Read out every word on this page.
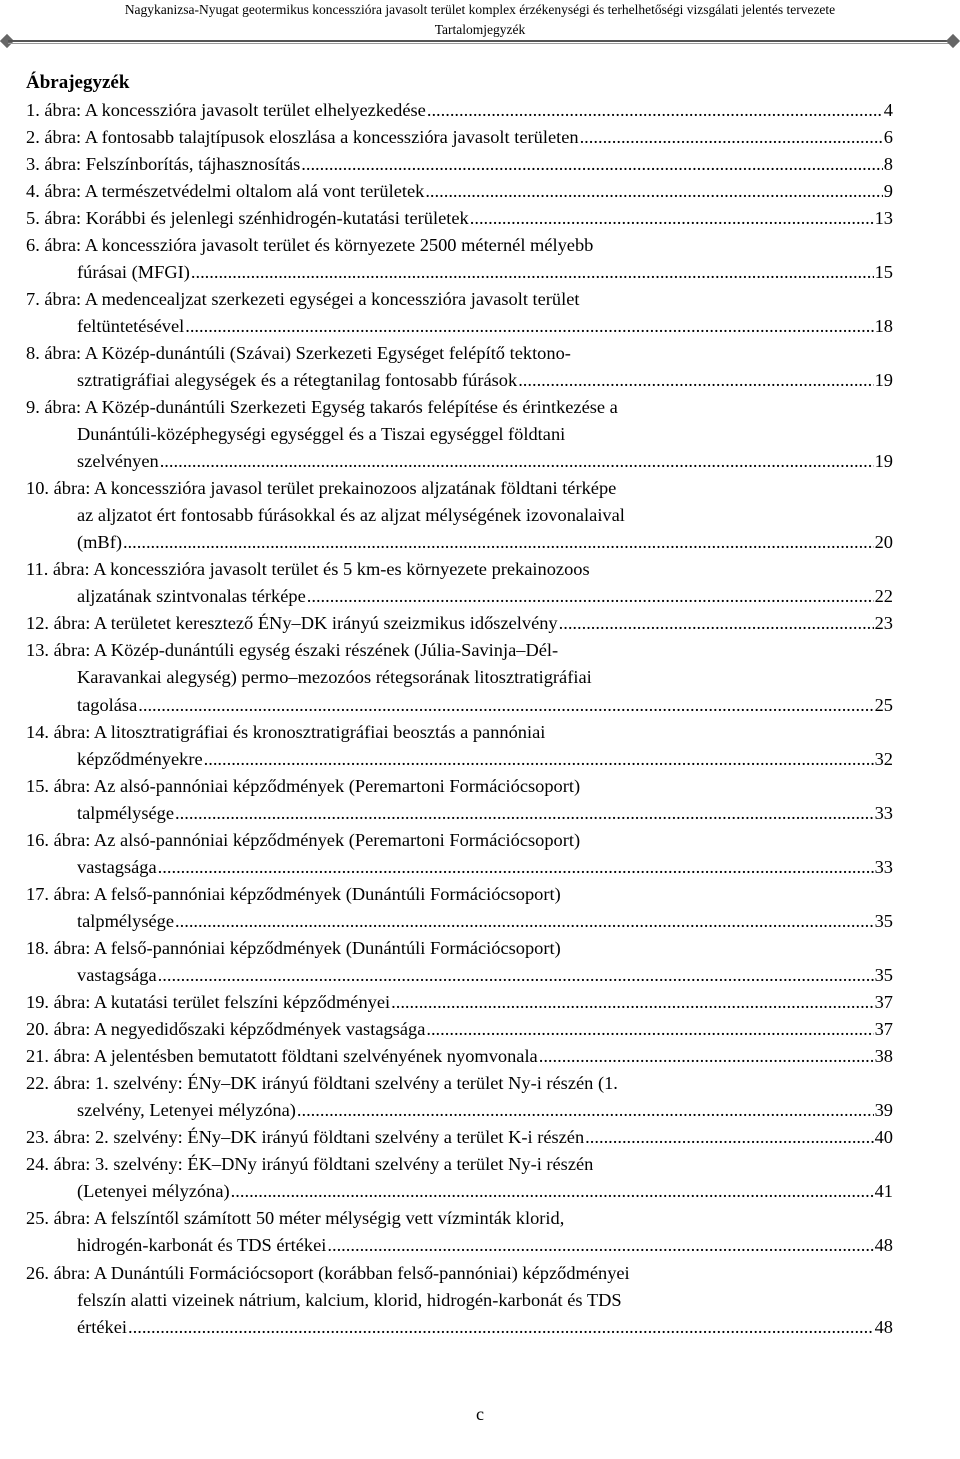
Nagykanizsa-Nyugat geotermikus koncesszióra javasolt terület komplex érzékenységi és terhelhetőségi vizsgálati jelentés tervezete
Tartalomjegyzék
Ábrajegyzék
1. ábra: A koncesszióra javasolt terület elhelyezkedése .....	4
2. ábra: A fontosabb talajtípusok eloszlása a koncesszióra javasolt területen .....	6
3. ábra: Felszínborítás, tájhasznosítás .....	8
4. ábra: A természetvédelmi oltalom alá vont területek .....	9
5. ábra: Korábbi és jelenlegi szénhidrogén-kutatási területek .....	13
6. ábra: A koncesszióra javasolt terület és környezete 2500 méternél mélyebb
fúrásai (MFGI) .....	15
7. ábra: A medencealjzat szerkezeti egységei a koncesszióra javasolt terület
feltüntetésével .....	18
8. ábra: A Közép-dunántúli (Szávai) Szerkezeti Egységet felépítő tektono-
sztratigráfiai alegységek és a rétegtanilag fontosabb fúrások .....	19
9. ábra: A Közép-dunántúli Szerkezeti Egység takarós felépítése és érintkezése a
Dunántúli-középhegységi egységgel és a Tiszai egységgel földtani
szelvényen .....	19
10. ábra: A koncesszióra javasol terület prekainozoos aljzatának földtani térképe
az aljzatot ért fontosabb fúrásokkal és az aljzat mélységének izovonalaival
(mBf) .....	20
11. ábra: A koncesszióra javasolt terület és 5 km-es környezete prekainozoos
aljzatának szintvonalas térképe .....	22
12. ábra: A területet keresztező ÉNy–DK irányú szeizmikus időszelvény .....	23
13. ábra: A Közép-dunántúli egység északi részének (Júlia-Savinja–Dél-
Karavankai alegység) permo–mezozóos rétegsorának litosztratigráfiai
tagolása .....	25
14. ábra: A litosztratigráfiai és kronosztratigráfiai beosztás a pannóniai
képződményekre .....	32
15. ábra: Az alsó-pannóniai képződmények (Peremartoni Formációcsoport)
talpmélysége .....	33
16. ábra: Az alsó-pannóniai képződmények (Peremartoni Formációcsoport)
vastagsága .....	33
17. ábra: A felső-pannóniai képződmények (Dunántúli Formációcsoport)
talpmélysége .....	35
18. ábra: A felső-pannóniai képződmények (Dunántúli Formációcsoport)
vastagsága .....	35
19. ábra: A kutatási terület felszíni képződményei .....	37
20. ábra: A negyedidőszaki képződmények vastagsága .....	37
21. ábra: A jelentésben bemutatott földtani szelvényének nyomvonala .....	38
22. ábra: 1. szelvény: ÉNy–DK irányú földtani szelvény a terület Ny-i részén (1.
szelvény, Letenyei mélyzóna) .....	39
23. ábra: 2. szelvény: ÉNy–DK irányú földtani szelvény a terület K-i részén .....	40
24. ábra: 3. szelvény: ÉK–DNy irányú földtani szelvény a terület Ny-i részén
(Letenyei mélyzóna) .....	41
25. ábra: A felszíntől számított 50 méter mélységig vett vízminták klorid,
hidrogén-karbonát és TDS értékei .....	48
26. ábra: A Dunántúli Formációcsoport (korábban felső-pannóniai) képződményei
felszín alatti vizeinek nátrium, kalcium, klorid, hidrogén-karbonát és TDS
értékei .....	48
c
